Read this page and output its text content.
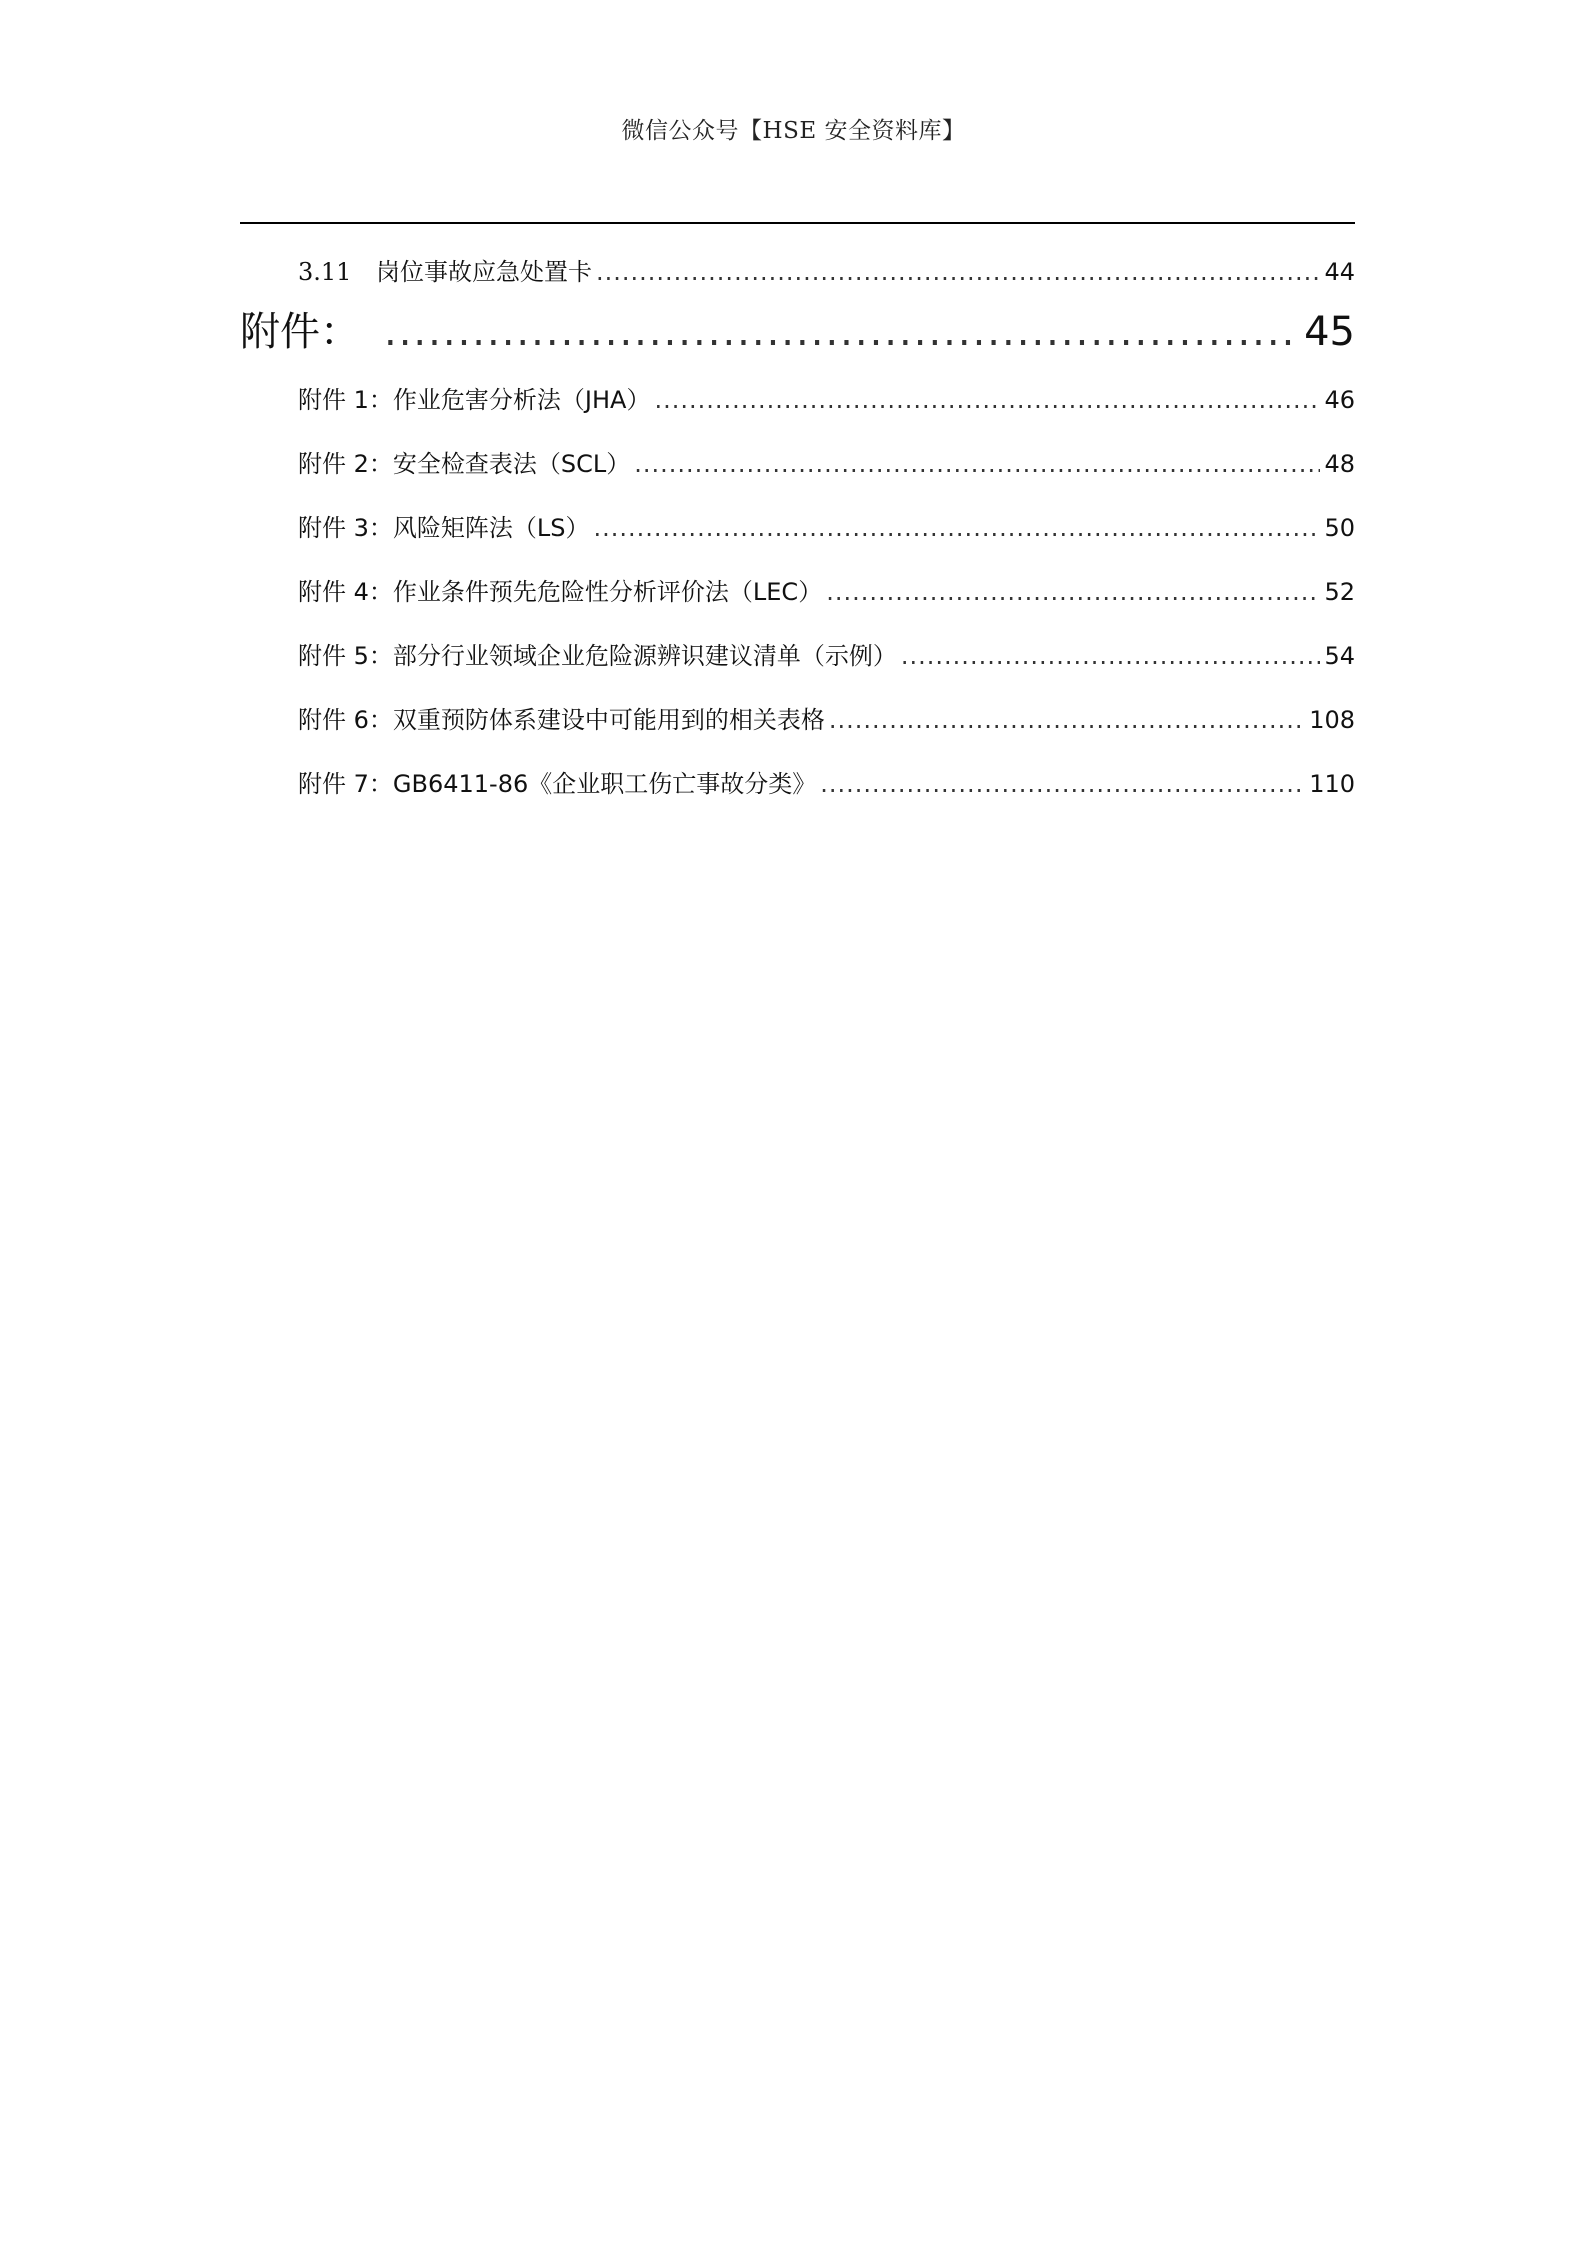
微信公众号【HSE 安全资料库】
3.11	岗位事故应急处置卡 .....	44
附件： .....	45
附件 1：作业危害分析法（JHA） .....	46
附件 2：安全检查表法（SCL） .....	48
附件 3：风险矩阵法（LS） .....	50
附件 4：作业条件预先危险性分析评价法（LEC） .....	52
附件 5：部分行业领域企业危险源辨识建议清单（示例） .....	54
附件 6：双重预防体系建设中可能用到的相关表格 .....	108
附件 7：GB6411-86《企业职工伤亡事故分类》 .....	110
